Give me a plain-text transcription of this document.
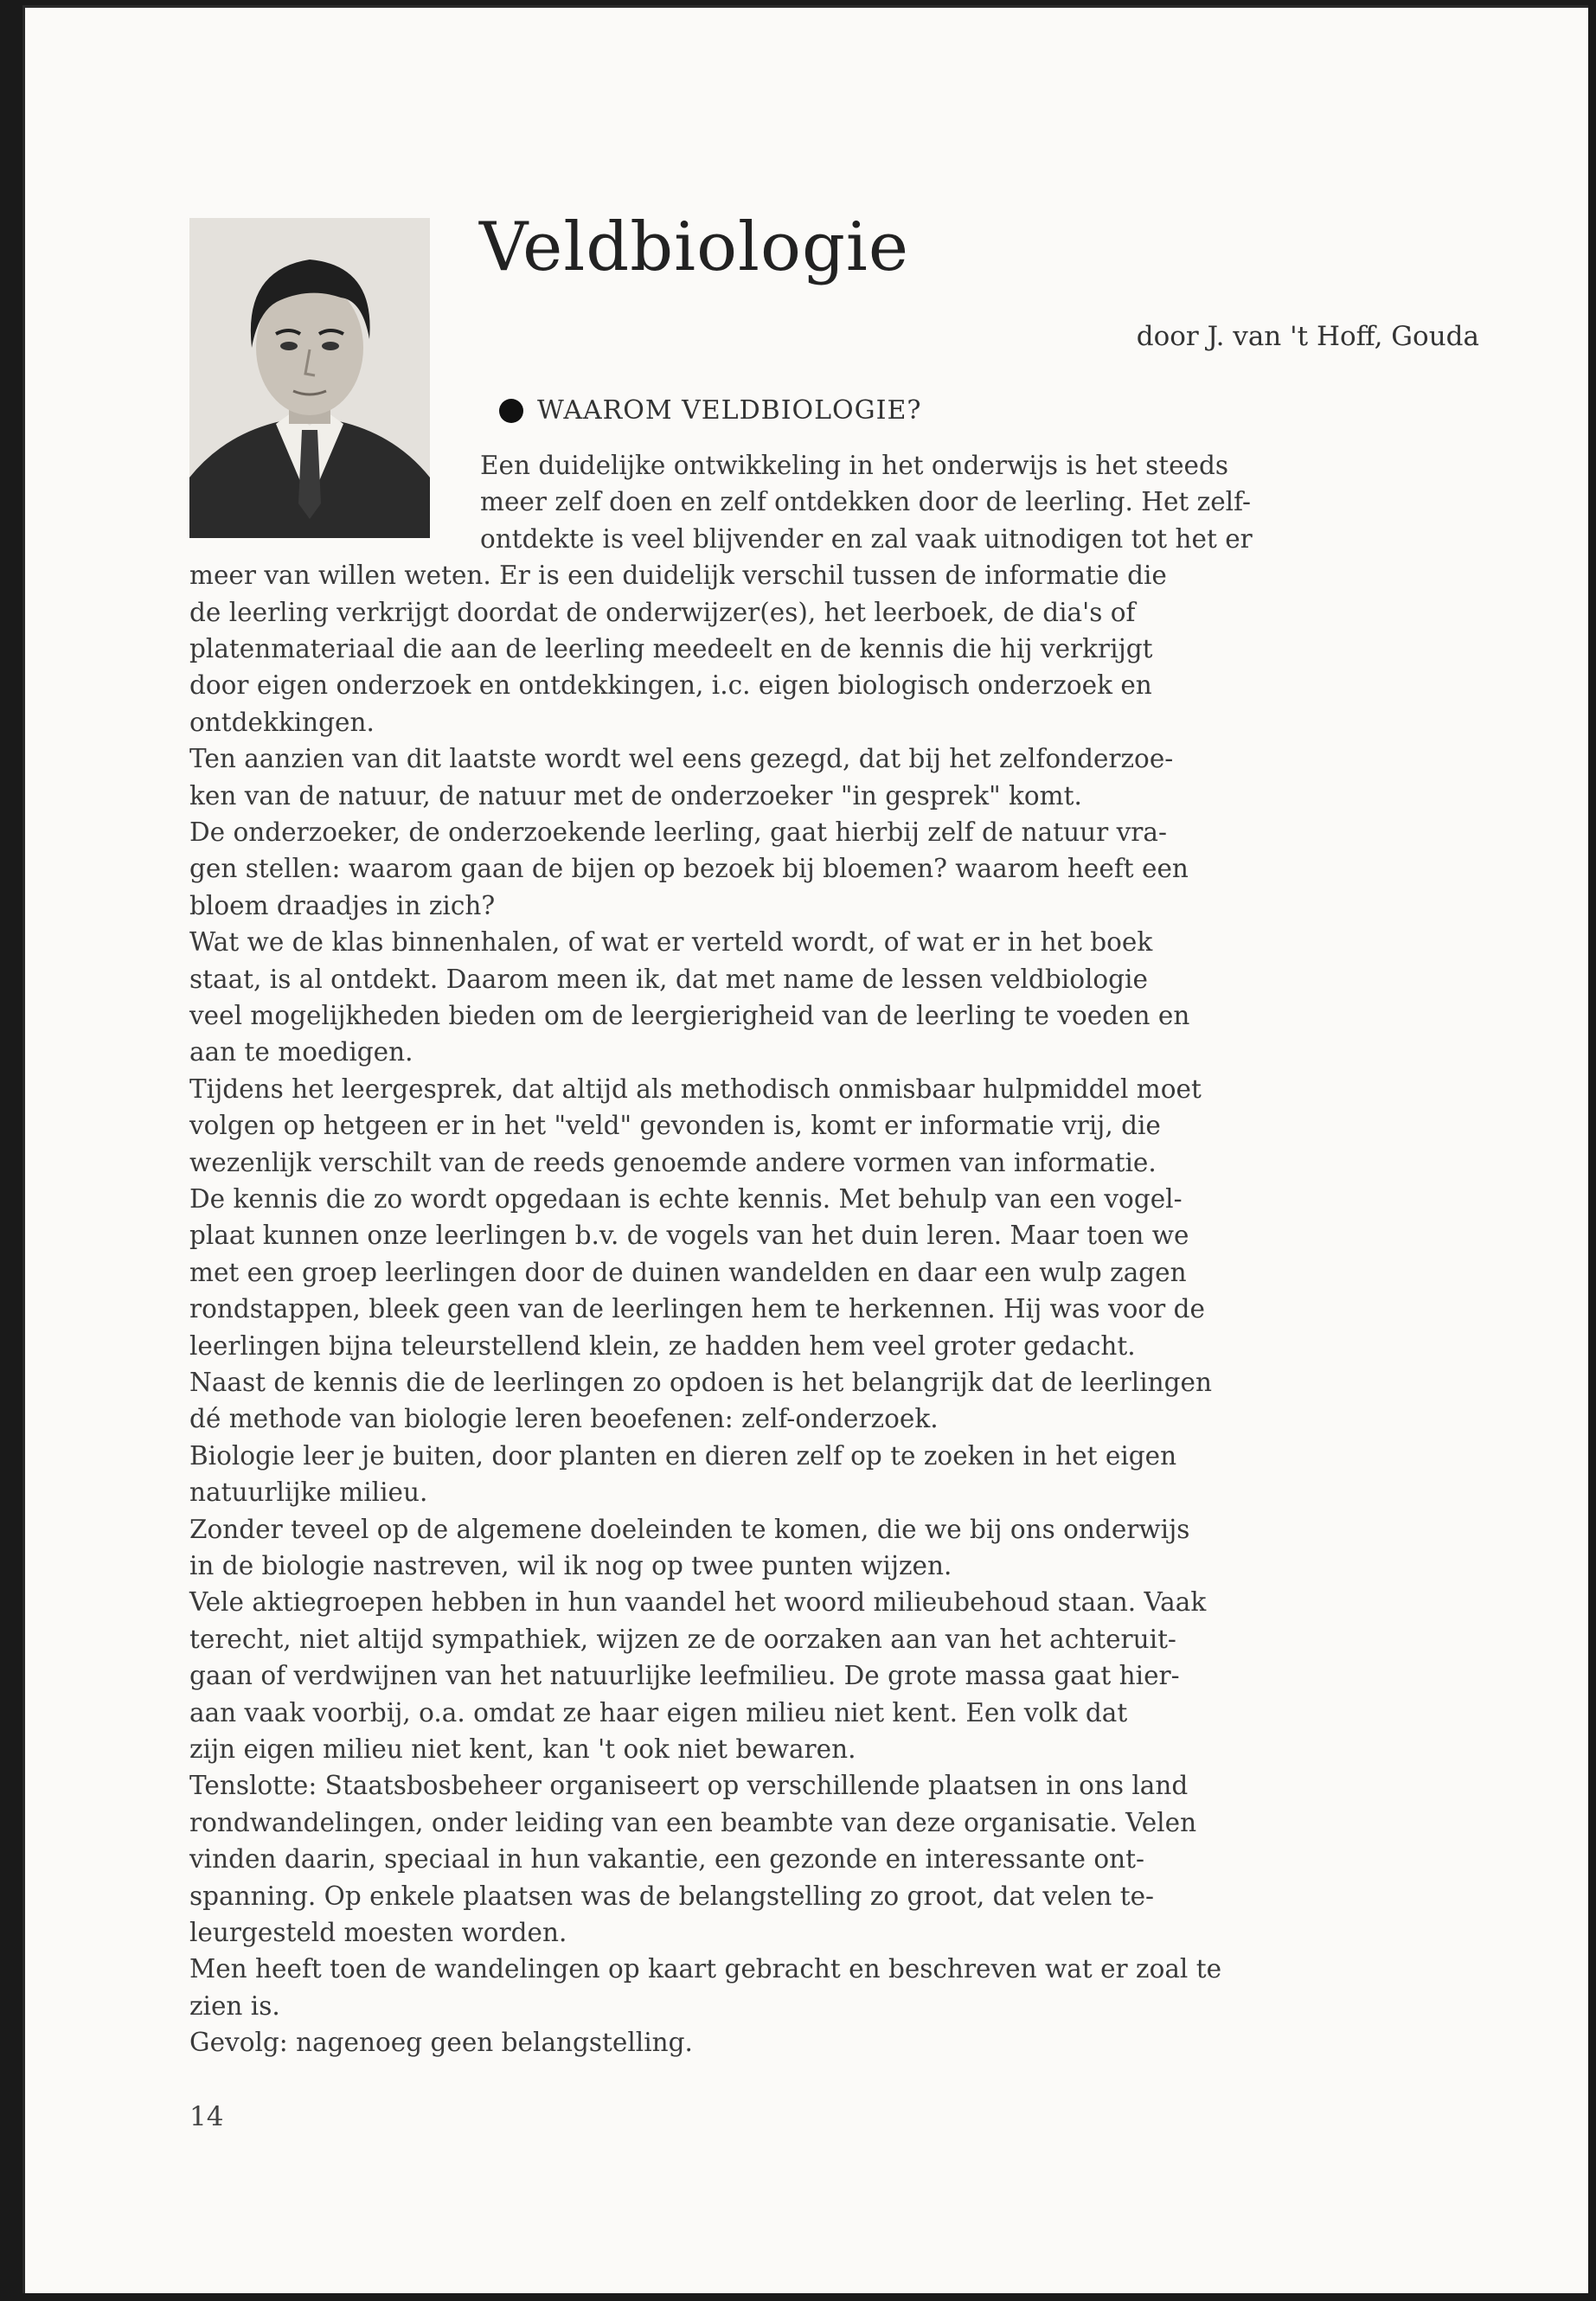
Veldbiologie
door J. van 't Hoff, Gouda
WAAROM VELDBIOLOGIE?
Een duidelijke ontwikkeling in het onderwijs is het steeds
meer zelf doen en zelf ontdekken door de leerling. Het zelf-
ontdekte is veel blijvender en zal vaak uitnodigen tot het er
meer van willen weten. Er is een duidelijk verschil tussen de informatie die
de leerling verkrijgt doordat de onderwijzer(es), het leerboek, de dia's of
platenmateriaal die aan de leerling meedeelt en de kennis die hij verkrijgt
door eigen onderzoek en ontdekkingen, i.c. eigen biologisch onderzoek en
ontdekkingen.
Ten aanzien van dit laatste wordt wel eens gezegd, dat bij het zelfonderzoe-
ken van de natuur, de natuur met de onderzoeker "in gesprek" komt.
De onderzoeker, de onderzoekende leerling, gaat hierbij zelf de natuur vra-
gen stellen: waarom gaan de bijen op bezoek bij bloemen? waarom heeft een
bloem draadjes in zich?
Wat we de klas binnenhalen, of wat er verteld wordt, of wat er in het boek
staat, is al ontdekt. Daarom meen ik, dat met name de lessen veldbiologie
veel mogelijkheden bieden om de leergierigheid van de leerling te voeden en
aan te moedigen.
Tijdens het leergesprek, dat altijd als methodisch onmisbaar hulpmiddel moet
volgen op hetgeen er in het "veld" gevonden is, komt er informatie vrij, die
wezenlijk verschilt van de reeds genoemde andere vormen van informatie.
De kennis die zo wordt opgedaan is echte kennis. Met behulp van een vogel-
plaat kunnen onze leerlingen b.v. de vogels van het duin leren. Maar toen we
met een groep leerlingen door de duinen wandelden en daar een wulp zagen
rondstappen, bleek geen van de leerlingen hem te herkennen. Hij was voor de
leerlingen bijna teleurstellend klein, ze hadden hem veel groter gedacht.
Naast de kennis die de leerlingen zo opdoen is het belangrijk dat de leerlingen
dé methode van biologie leren beoefenen: zelf-onderzoek.
Biologie leer je buiten, door planten en dieren zelf op te zoeken in het eigen
natuurlijke milieu.
Zonder teveel op de algemene doeleinden te komen, die we bij ons onderwijs
in de biologie nastreven, wil ik nog op twee punten wijzen.
Vele aktiegroepen hebben in hun vaandel het woord milieubehoud staan. Vaak
terecht, niet altijd sympathiek, wijzen ze de oorzaken aan van het achteruit-
gaan of verdwijnen van het natuurlijke leefmilieu. De grote massa gaat hier-
aan vaak voorbij, o.a. omdat ze haar eigen milieu niet kent. Een volk dat
zijn eigen milieu niet kent, kan 't ook niet bewaren.
Tenslotte: Staatsbosbeheer organiseert op verschillende plaatsen in ons land
rondwandelingen, onder leiding van een beambte van deze organisatie. Velen
vinden daarin, speciaal in hun vakantie, een gezonde en interessante ont-
spanning. Op enkele plaatsen was de belangstelling zo groot, dat velen te-
leurgesteld moesten worden.
Men heeft toen de wandelingen op kaart gebracht en beschreven wat er zoal te
zien is.
Gevolg: nagenoeg geen belangstelling.
14
